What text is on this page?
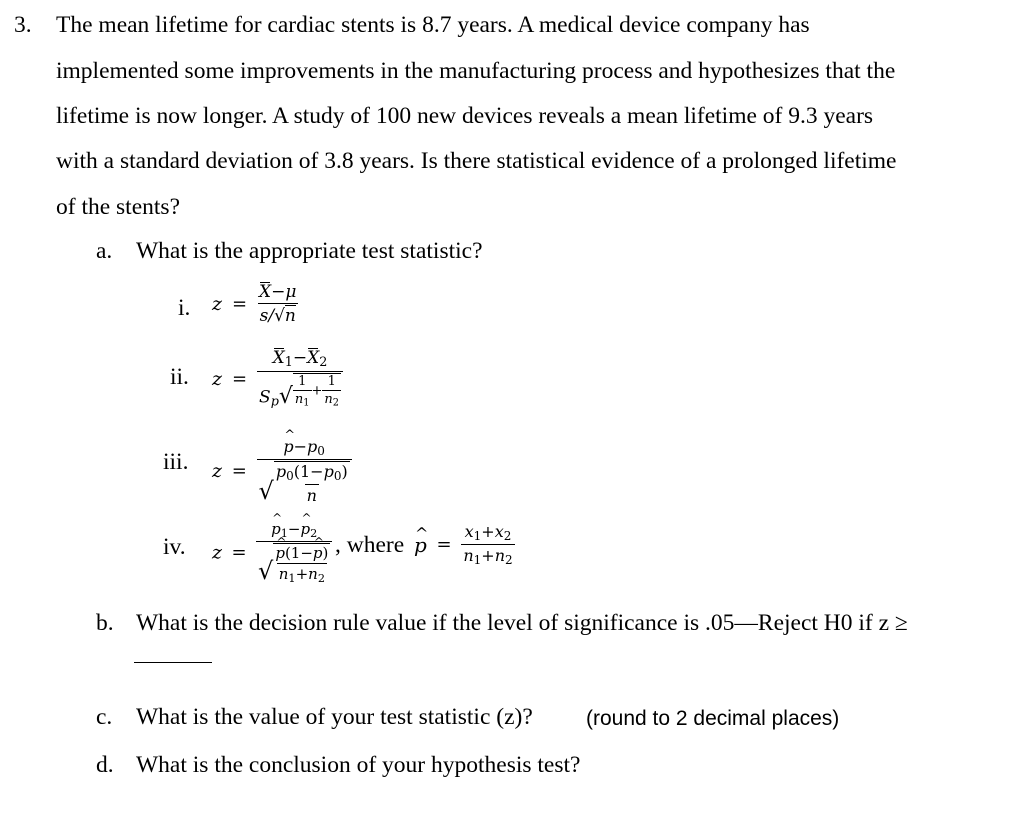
3. The mean lifetime for cardiac stents is 8.7 years. A medical device company has
implemented some improvements in the manufacturing process and hypothesizes that the
lifetime is now longer. A study of 100 new devices reveals a mean lifetime of 9.3 years
with a standard deviation of 3.8 years. Is there statistical evidence of a prolonged lifetime
of the stents?
a. What is the appropriate test statistic?
i. $z = \frac{X-\mu}{s/ √ n}$
ii. $z = \frac{X_1-X_2}{S_p √ \frac{1}{n_1} + \frac{1}{n_2}}$
iii. $z = \frac{p \^{}-p_0}{√ \frac{p_0(1-p_0)}{n}}$
iv. $z = \frac{p \^{}_1-p \^{}_2}{√ \frac{p \^{}(1-p \^{})}{n_1+n_2}}$ , where p ^  = $\frac{x_1+x_2}{n_1+n_2}$
b. What is the decision rule value if the level of significance is .05—Reject H0 if z ≥
c. What is the value of your test statistic (z)?	(round to 2 decimal places)
d. What is the conclusion of your hypothesis test?
